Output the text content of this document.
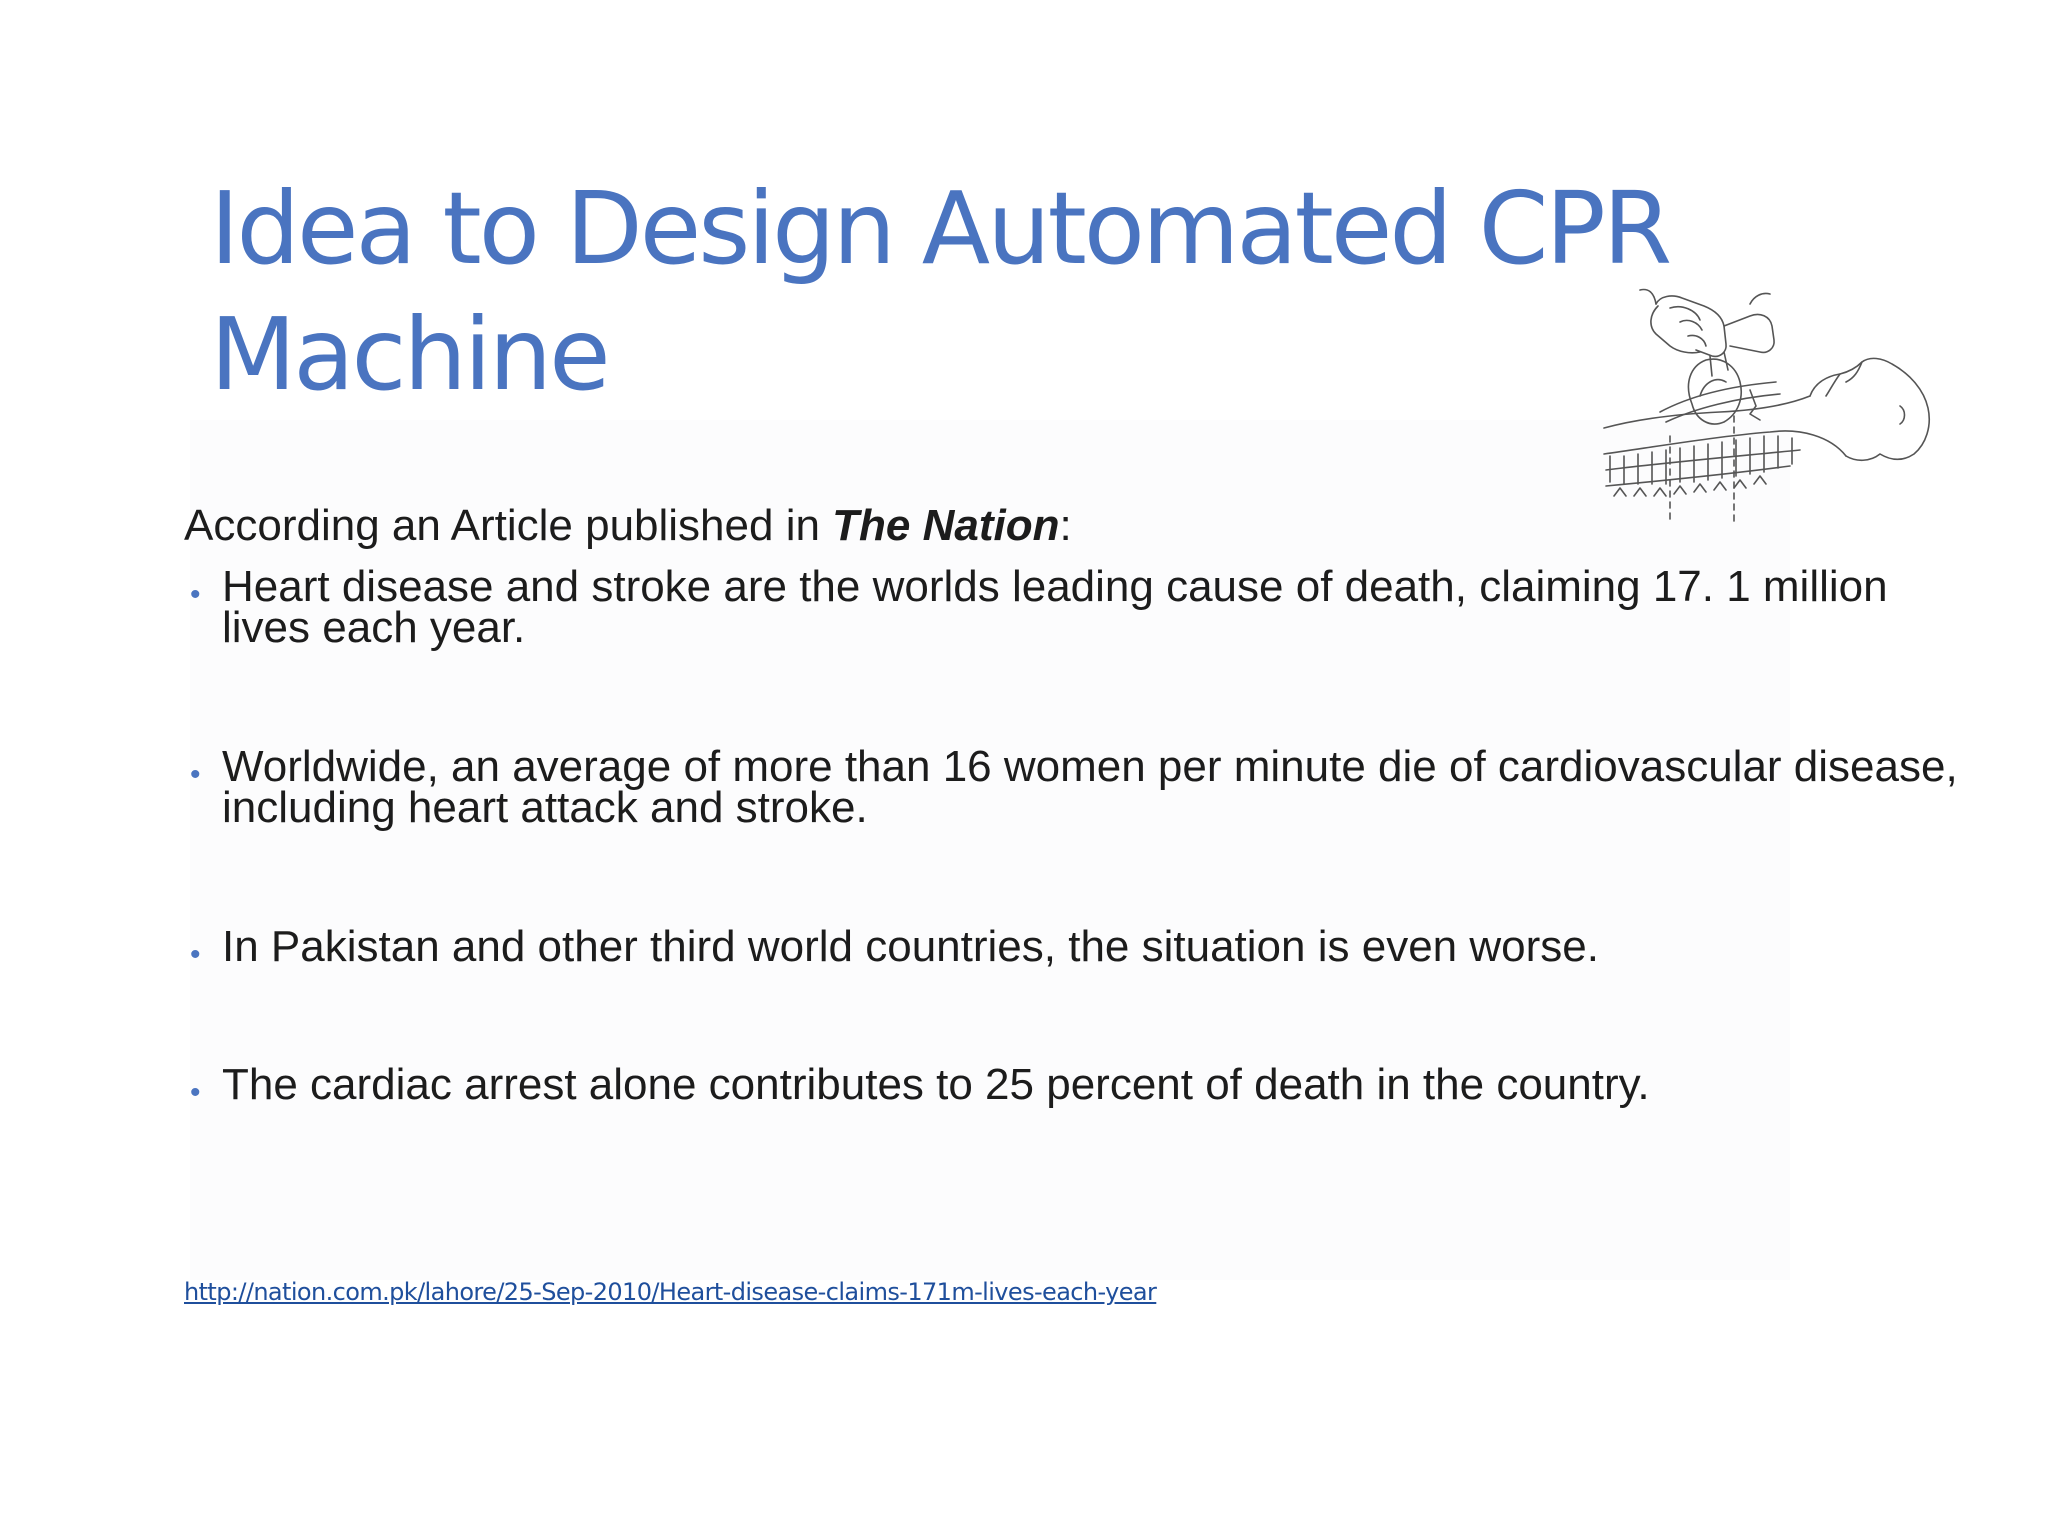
Idea to Design Automated CPR
Machine

According an Article published in The Nation:

• Heart disease and stroke are the worlds leading cause of death, claiming 17. 1 million lives each year.
• Worldwide, an average of more than 16 women per minute die of cardiovascular disease, including heart attack and stroke.
• In Pakistan and other third world countries, the situation is even worse.
• The cardiac arrest alone contributes to 25 percent of death in the country.
http://nation.com.pk/lahore/25-Sep-2010/Heart-disease-claims-171m-lives-each-year
